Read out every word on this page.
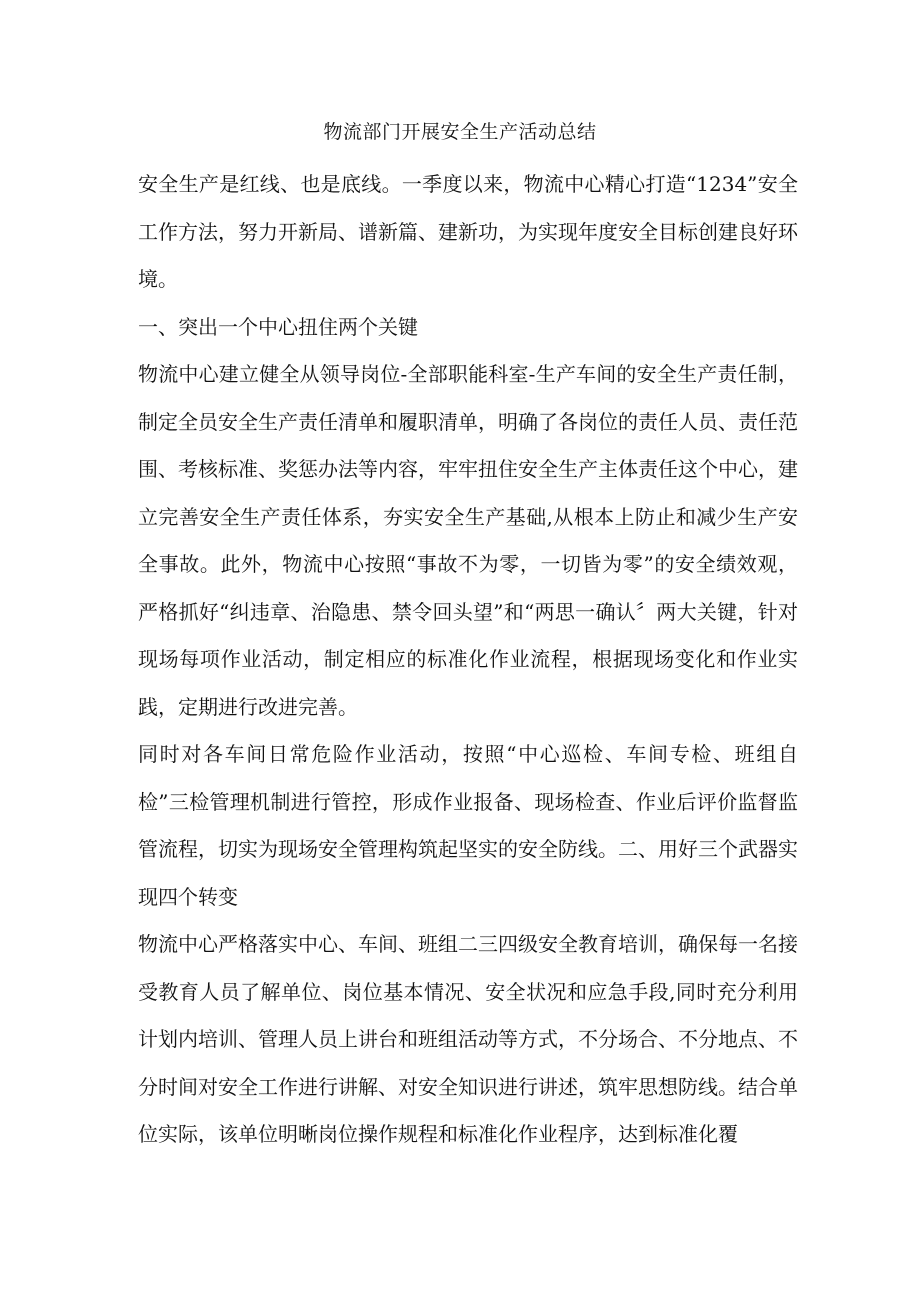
物流部门开展安全生产活动总结

安全生产是红线、也是底线。一季度以来，物流中心精心打造“1234”安全工作方法，努力开新局、谱新篇、建新功，为实现年度安全目标创建良好环境。

一、突出一个中心扭住两个关键

物流中心建立健全从领导岗位-全部职能科室-生产车间的安全生产责任制，制定全员安全生产责任清单和履职清单，明确了各岗位的责任人员、责任范围、考核标准、奖惩办法等内容，牢牢扭住安全生产主体责任这个中心，建立完善安全生产责任体系，夯实安全生产基础,从根本上防止和减少生产安全事故。此外，物流中心按照“事故不为零，一切皆为零”的安全绩效观，严格抓好“纠违章、治隐患、禁令回头望”和“两思一确认〞两大关键，针对现场每项作业活动，制定相应的标准化作业流程，根据现场变化和作业实践，定期进行改进完善。

同时对各车间日常危险作业活动，按照“中心巡检、车间专检、班组自检”三检管理机制进行管控，形成作业报备、现场检查、作业后评价监督监管流程，切实为现场安全管理构筑起坚实的安全防线。二、用好三个武器实现四个转变

物流中心严格落实中心、车间、班组二三四级安全教育培训，确保每一名接受教育人员了解单位、岗位基本情况、安全状况和应急手段,同时充分利用计划内培训、管理人员上讲台和班组活动等方式，不分场合、不分地点、不分时间对安全工作进行讲解、对安全知识进行讲述，筑牢思想防线。结合单位实际，该单位明晰岗位操作规程和标准化作业程序，达到标准化覆
